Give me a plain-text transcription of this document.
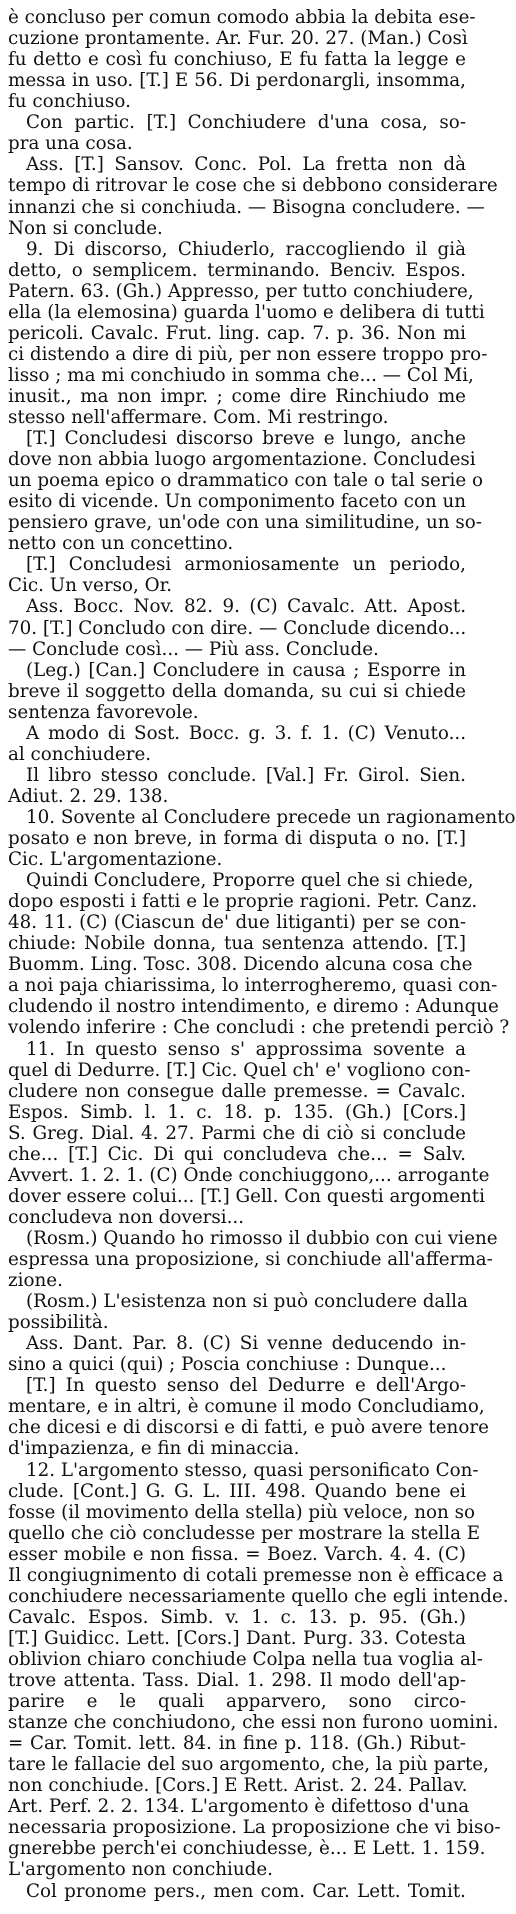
è concluso per comun comodo abbia la debita ese-
cuzione prontamente. Ar. Fur. 20. 27. (Man.) Così
fu detto e così fu conchiuso, E fu fatta la legge e
messa in uso. [T.] E 56. Di perdonargli, insomma,
fu conchiuso.
Con partic. [T.] Conchiudere d'una cosa, so-
pra una cosa.
Ass. [T.] Sansov. Conc. Pol. La fretta non dà
tempo di ritrovar le cose che si debbono considerare
innanzi che si conchiuda. — Bisogna concludere. —
Non si conclude.
9. Di discorso, Chiuderlo, raccogliendo il già
detto, o semplicem. terminando. Benciv. Espos.
Patern. 63. (Gh.) Appresso, per tutto conchiudere,
ella (la elemosina) guarda l'uomo e delibera di tutti
pericoli. Cavalc. Frut. ling. cap. 7. p. 36. Non mi
ci distendo a dire di più, per non essere troppo pro-
lisso ; ma mi conchiudo in somma che... — Col Mi,
inusit., ma non impr. ; come dire Rinchiudo me
stesso nell'affermare. Com. Mi restringo.
[T.] Concludesi discorso breve e lungo, anche
dove non abbia luogo argomentazione. Concludesi
un poema epico o drammatico con tale o tal serie o
esito di vicende. Un componimento faceto con un
pensiero grave, un'ode con una similitudine, un so-
netto con un concettino.
[T.] Concludesi armoniosamente un periodo,
Cic. Un verso, Or.
Ass. Bocc. Nov. 82. 9. (C) Cavalc. Att. Apost.
70. [T.] Concludo con dire. — Conclude dicendo...
— Conclude così... — Più ass. Conclude.
(Leg.) [Can.] Concludere in causa ; Esporre in
breve il soggetto della domanda, su cui si chiede
sentenza favorevole.
A modo di Sost. Bocc. g. 3. f. 1. (C) Venuto...
al conchiudere.
Il libro stesso conclude. [Val.] Fr. Girol. Sien.
Adiut. 2. 29. 138.
10. Sovente al Concludere precede un ragionamento
posato e non breve, in forma di disputa o no. [T.]
Cic. L'argomentazione.
Quindi Concludere, Proporre quel che si chiede,
dopo esposti i fatti e le proprie ragioni. Petr. Canz.
48. 11. (C) (Ciascun de' due litiganti) per se con-
chiude: Nobile donna, tua sentenza attendo. [T.]
Buomm. Ling. Tosc. 308. Dicendo alcuna cosa che
a noi paja chiarissima, lo interrogheremo, quasi con-
cludendo il nostro intendimento, e diremo : Adunque
volendo inferire : Che concludi : che pretendi perciò ?
11. In questo senso s' approssima sovente a
quel di Dedurre. [T.] Cic. Quel ch' e' vogliono con-
cludere non consegue dalle premesse. = Cavalc.
Espos. Simb. l. 1. c. 18. p. 135. (Gh.) [Cors.]
S. Greg. Dial. 4. 27. Parmi che di ciò si conclude
che... [T.] Cic. Di qui concludeva che... = Salv.
Avvert. 1. 2. 1. (C) Onde conchiuggono,... arrogante
dover essere colui... [T.] Gell. Con questi argomenti
concludeva non doversi...
(Rosm.) Quando ho rimosso il dubbio con cui viene
espressa una proposizione, si conchiude all'afferma-
zione.
(Rosm.) L'esistenza non si può concludere dalla
possibilità.
Ass. Dant. Par. 8. (C) Si venne deducendo in-
sino a quici (qui) ; Poscia conchiuse : Dunque...
[T.] In questo senso del Dedurre e dell'Argo-
mentare, e in altri, è comune il modo Concludiamo,
che dicesi e di discorsi e di fatti, e può avere tenore
d'impazienza, e fin di minaccia.
12. L'argomento stesso, quasi personificato Con-
clude. [Cont.] G. G. L. III. 498. Quando bene ei
fosse (il movimento della stella) più veloce, non so
quello che ciò concludesse per mostrare la stella E
esser mobile e non fissa. = Boez. Varch. 4. 4. (C)
Il congiugnimento di cotali premesse non è efficace a
conchiudere necessariamente quello che egli intende.
Cavalc. Espos. Simb. v. 1. c. 13. p. 95. (Gh.)
[T.] Guidicc. Lett. [Cors.] Dant. Purg. 33. Cotesta
oblivion chiaro conchiude Colpa nella tua voglia al-
trove attenta. Tass. Dial. 1. 298. Il modo dell'ap-
parire e le quali apparvero, sono circo-
stanze che conchiudono, che essi non furono uomini.
= Car. Tomit. lett. 84. in fine p. 118. (Gh.) Ribut-
tare le fallacie del suo argomento, che, la più parte,
non conchiude. [Cors.] E Rett. Arist. 2. 24. Pallav.
Art. Perf. 2. 2. 134. L'argomento è difettoso d'una
necessaria proposizione. La proposizione che vi biso-
gnerebbe perch'ei conchiudesse, è... E Lett. 1. 159.
L'argomento non conchiude.
Col pronome pers., men com. Car. Lett. Tomit.
